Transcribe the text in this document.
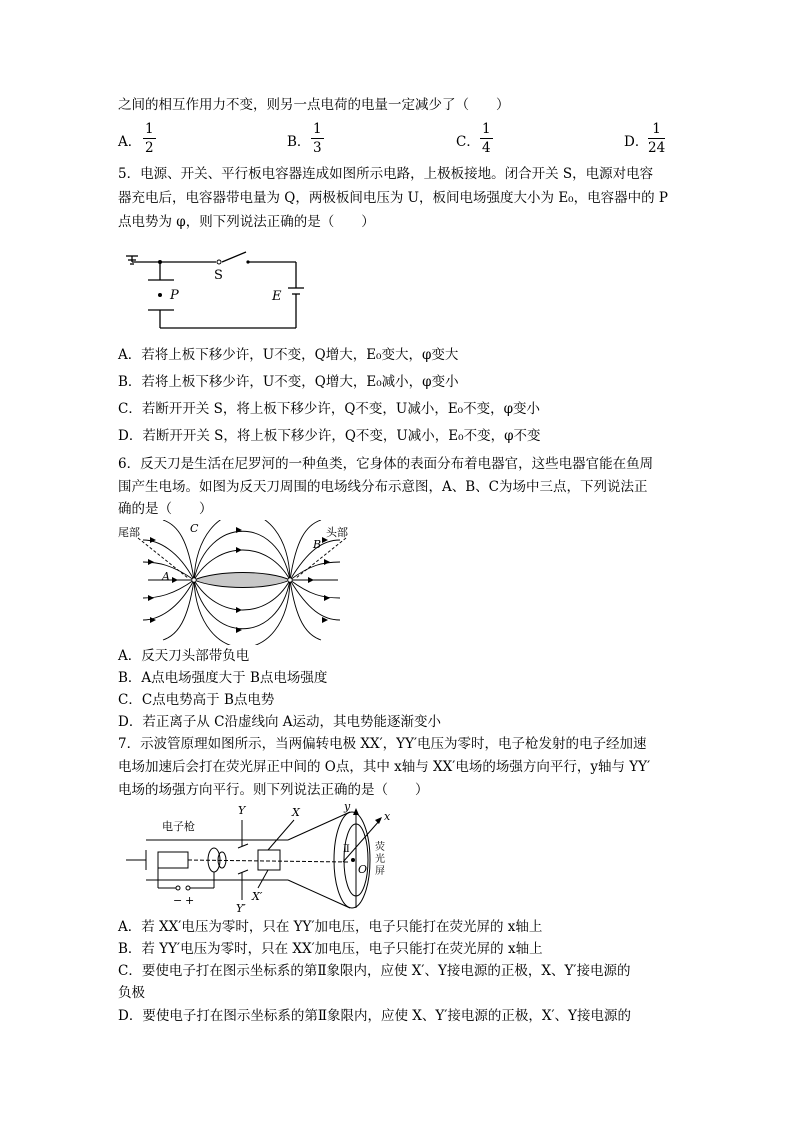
之间的相互作用力不变，则另一点电荷的电量一定减少了（　　）
A． $\frac{1}{2}$	B． $\frac{1}{3}$	C． $\frac{1}{4}$	D． $\frac{1}{24}$
5．电源、开关、平行板电容器连成如图所示电路，上极板接地。闭合开关 S，电源对电容
器充电后，电容器带电量为 Q，两极板间电压为 U，板间电场强度大小为 E₀，电容器中的 P
点电势为 φ，则下列说法正确的是（　　）
S
P	E
A．若将上板下移少许，U不变，Q增大，E₀变大，φ变大
B．若将上板下移少许，U不变，Q增大，E₀减小，φ变小
C．若断开开关 S，将上板下移少许，Q不变，U减小，E₀不变，φ变小
D．若断开开关 S，将上板下移少许，Q不变，U减小，E₀不变，φ不变
6．反天刀是生活在尼罗河的一种鱼类，它身体的表面分布着电器官，这些电器官能在鱼周
围产生电场。如图为反天刀周围的电场线分布示意图，A、B、C为场中三点，下列说法正
确的是（　　）
尾部	头部
A
B
C
A．反天刀头部带负电
B．A点电场强度大于 B点电场强度
C．C点电势高于 B点电势
D．若正离子从 C沿虚线向 A运动，其电势能逐渐变小
7．示波管原理如图所示，当两偏转电极 XX′，YY′电压为零时，电子枪发射的电子经加速
电场加速后会打在荧光屏正中间的 O点，其中 x轴与 XX′电场的场强方向平行，y轴与 YY′
电场的场强方向平行。则下列说法正确的是（　　）
电子枪
Y
Y′
X
X′
y
x
O
Ⅱ	荧
光
屏
− +
A．若 XX′电压为零时，只在 YY′加电压，电子只能打在荧光屏的 x轴上
B．若 YY′电压为零时，只在 XX′加电压，电子只能打在荧光屏的 x轴上
C．要使电子打在图示坐标系的第Ⅱ象限内，应使 X′、Y接电源的正极，X、Y′接电源的
负极
D．要使电子打在图示坐标系的第Ⅱ象限内，应使 X、Y′接电源的正极，X′、Y接电源的
